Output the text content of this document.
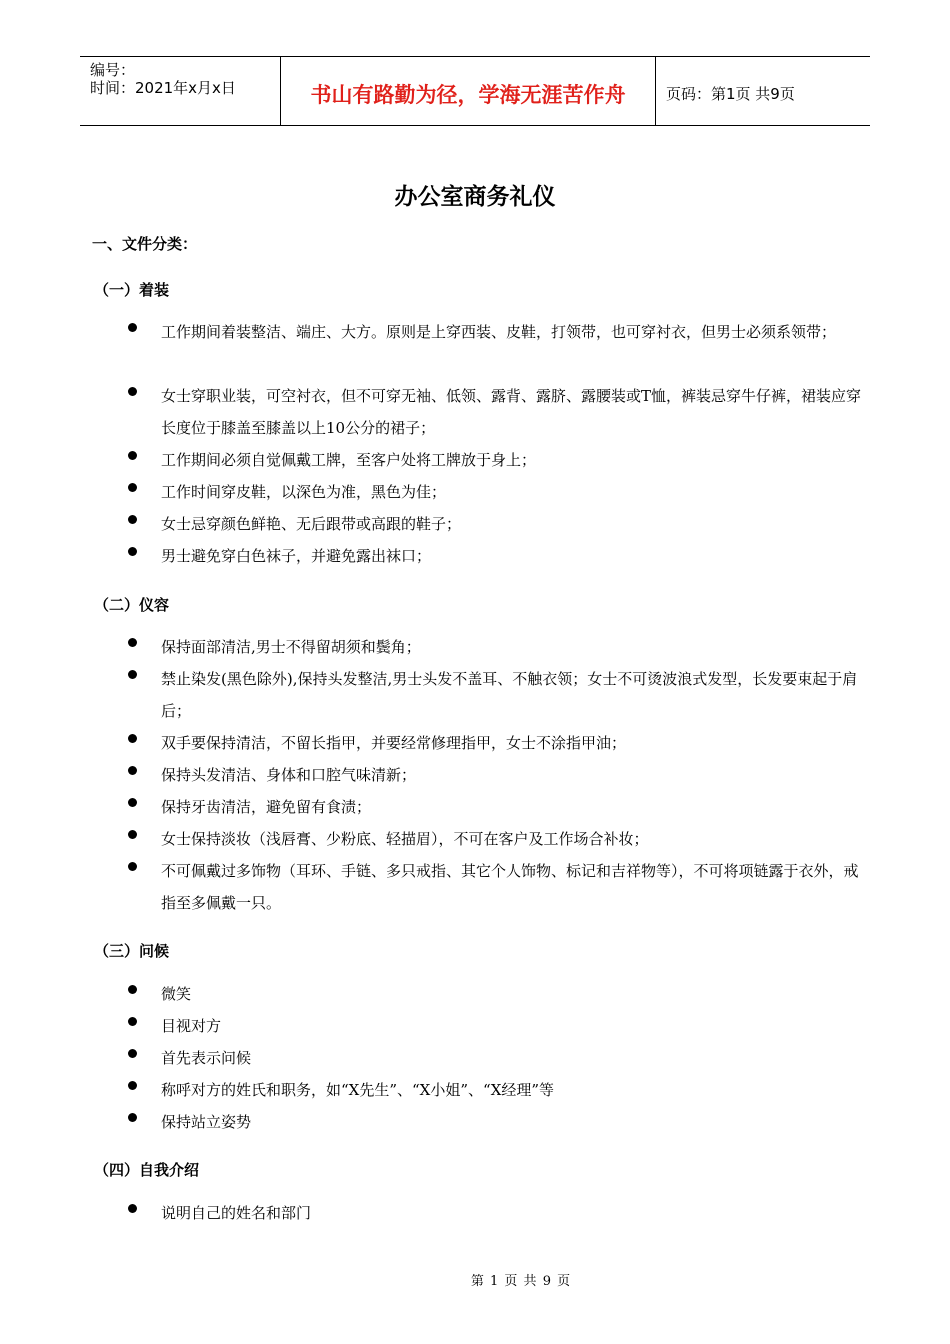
编号：
时间：2021年x月x日	书山有路勤为径，学海无涯苦作舟	页码：第1页 共9页
办公室商务礼仪
一、文件分类：
（一）着装
工作期间着装整洁、端庄、大方。原则是上穿西装、皮鞋，打领带，也可穿衬衣，但男士必须系领带；
女士穿职业装，可空衬衣，但不可穿无袖、低领、露背、露脐、露腰装或T恤，裤装忌穿牛仔裤，裙装应穿长度位于膝盖至膝盖以上10公分的裙子；
工作期间必须自觉佩戴工牌，至客户处将工牌放于身上；
工作时间穿皮鞋，以深色为准，黑色为佳；
女士忌穿颜色鲜艳、无后跟带或高跟的鞋子；
男士避免穿白色袜子，并避免露出袜口；
（二）仪容
保持面部清洁,男士不得留胡须和鬓角；
禁止染发(黑色除外),保持头发整洁,男士头发不盖耳、不触衣领；女士不可烫波浪式发型，长发要束起于肩后；
双手要保持清洁，不留长指甲，并要经常修理指甲，女士不涂指甲油；
保持头发清洁、身体和口腔气味清新；
保持牙齿清洁，避免留有食渍；
女士保持淡妆（浅唇膏、少粉底、轻描眉），不可在客户及工作场合补妆；
不可佩戴过多饰物（耳环、手链、多只戒指、其它个人饰物、标记和吉祥物等），不可将项链露于衣外，戒指至多佩戴一只。
（三）问候
微笑
目视对方
首先表示问候
称呼对方的姓氏和职务，如“X先生”、“X小姐”、“X经理”等
保持站立姿势
（四）自我介绍
说明自己的姓名和部门
第 1 页 共 9 页
